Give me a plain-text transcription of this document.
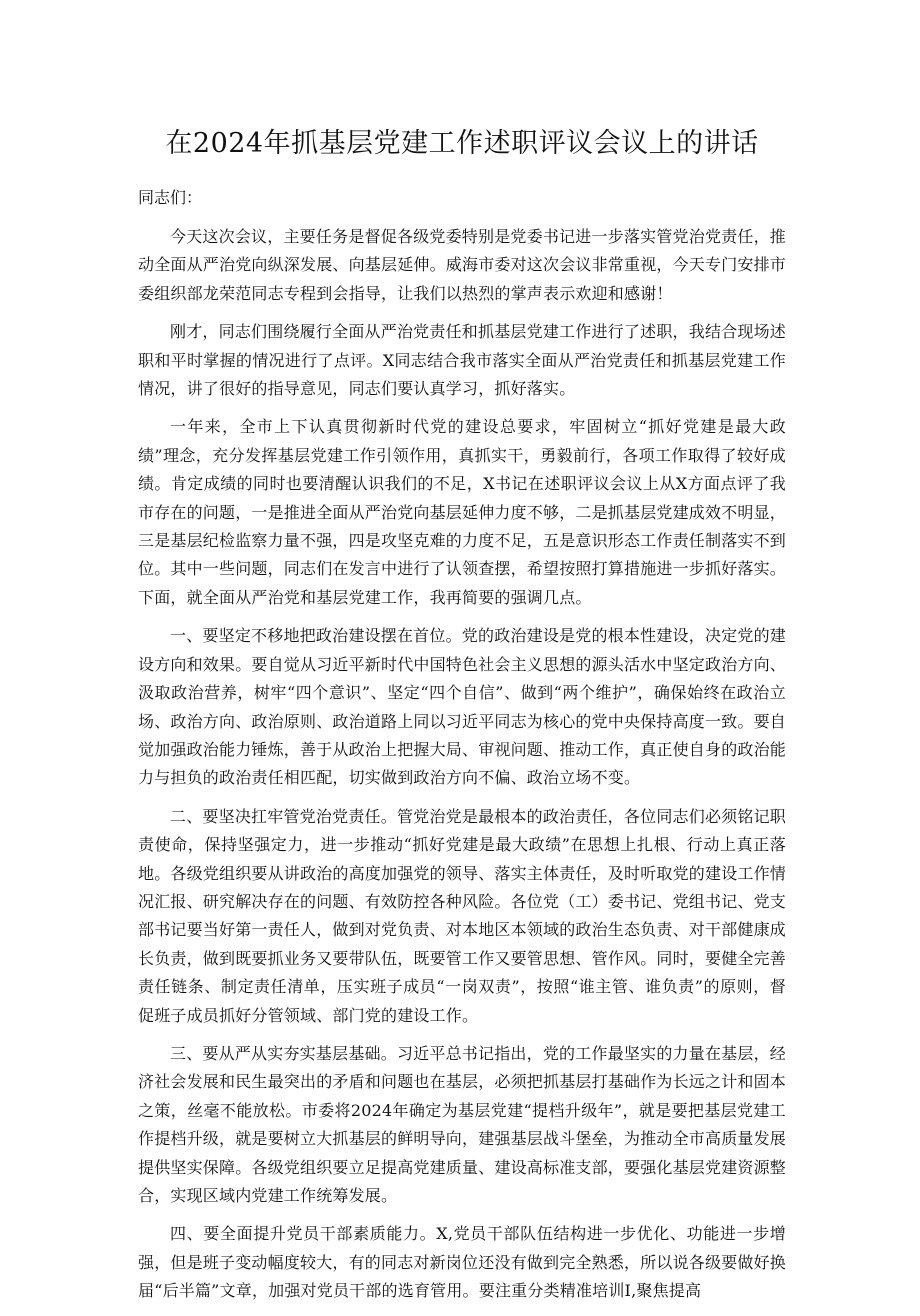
在2024年抓基层党建工作述职评议会议上的讲话

同志们：

今天这次会议，主要任务是督促各级党委特别是党委书记进一步落实管党治党责任，推动全面从严治党向纵深发展、向基层延伸。威海市委对这次会议非常重视，今天专门安排市委组织部龙荣范同志专程到会指导，让我们以热烈的掌声表示欢迎和感谢！

刚才，同志们围绕履行全面从严治党责任和抓基层党建工作进行了述职，我结合现场述职和平时掌握的情况进行了点评。X同志结合我市落实全面从严治党责任和抓基层党建工作情况，讲了很好的指导意见，同志们要认真学习，抓好落实。

一年来，全市上下认真贯彻新时代党的建设总要求，牢固树立“抓好党建是最大政绩”理念，充分发挥基层党建工作引领作用，真抓实干，勇毅前行，各项工作取得了较好成绩。肯定成绩的同时也要清醒认识我们的不足，X书记在述职评议会议上从X方面点评了我市存在的问题，一是推进全面从严治党向基层延伸力度不够，二是抓基层党建成效不明显，三是基层纪检监察力量不强，四是攻坚克难的力度不足，五是意识形态工作责任制落实不到位。其中一些问题，同志们在发言中进行了认领查摆，希望按照打算措施进一步抓好落实。下面，就全面从严治党和基层党建工作，我再简要的强调几点。

一、要坚定不移地把政治建设摆在首位。党的政治建设是党的根本性建设，决定党的建设方向和效果。要自觉从习近平新时代中国特色社会主义思想的源头活水中坚定政治方向、汲取政治营养，树牢“四个意识”、坚定“四个自信”、做到“两个维护”，确保始终在政治立场、政治方向、政治原则、政治道路上同以习近平同志为核心的党中央保持高度一致。要自觉加强政治能力锤炼，善于从政治上把握大局、审视问题、推动工作，真正使自身的政治能力与担负的政治责任相匹配，切实做到政治方向不偏、政治立场不变。

二、要坚决扛牢管党治党责任。管党治党是最根本的政治责任，各位同志们必须铭记职责使命，保持坚强定力，进一步推动“抓好党建是最大政绩”在思想上扎根、行动上真正落地。各级党组织要从讲政治的高度加强党的领导、落实主体责任，及时听取党的建设工作情况汇报、研究解决存在的问题、有效防控各种风险。各位党（工）委书记、党组书记、党支部书记要当好第一责任人，做到对党负责、对本地区本领域的政治生态负责、对干部健康成长负责，做到既要抓业务又要带队伍，既要管工作又要管思想、管作风。同时，要健全完善责任链条、制定责任清单，压实班子成员“一岗双责”，按照“谁主管、谁负责”的原则，督促班子成员抓好分管领域、部门党的建设工作。

三、要从严从实夯实基层基础。习近平总书记指出，党的工作最坚实的力量在基层，经济社会发展和民生最突出的矛盾和问题也在基层，必须把抓基层打基础作为长远之计和固本之策，丝毫不能放松。市委将2024年确定为基层党建“提档升级年”，就是要把基层党建工作提档升级，就是要树立大抓基层的鲜明导向，建强基层战斗堡垒，为推动全市高质量发展提供坚实保障。各级党组织要立足提高党建质量、建设高标准支部，要强化基层党建资源整合，实现区域内党建工作统筹发展。

四、要全面提升党员干部素质能力。X,党员干部队伍结构进一步优化、功能进一步增强，但是班子变动幅度较大，有的同志对新岗位还没有做到完全熟悉，所以说各级要做好换届“后半篇”文章，加强对党员干部的选育管用。要注重分类精准培训I,聚焦提高
